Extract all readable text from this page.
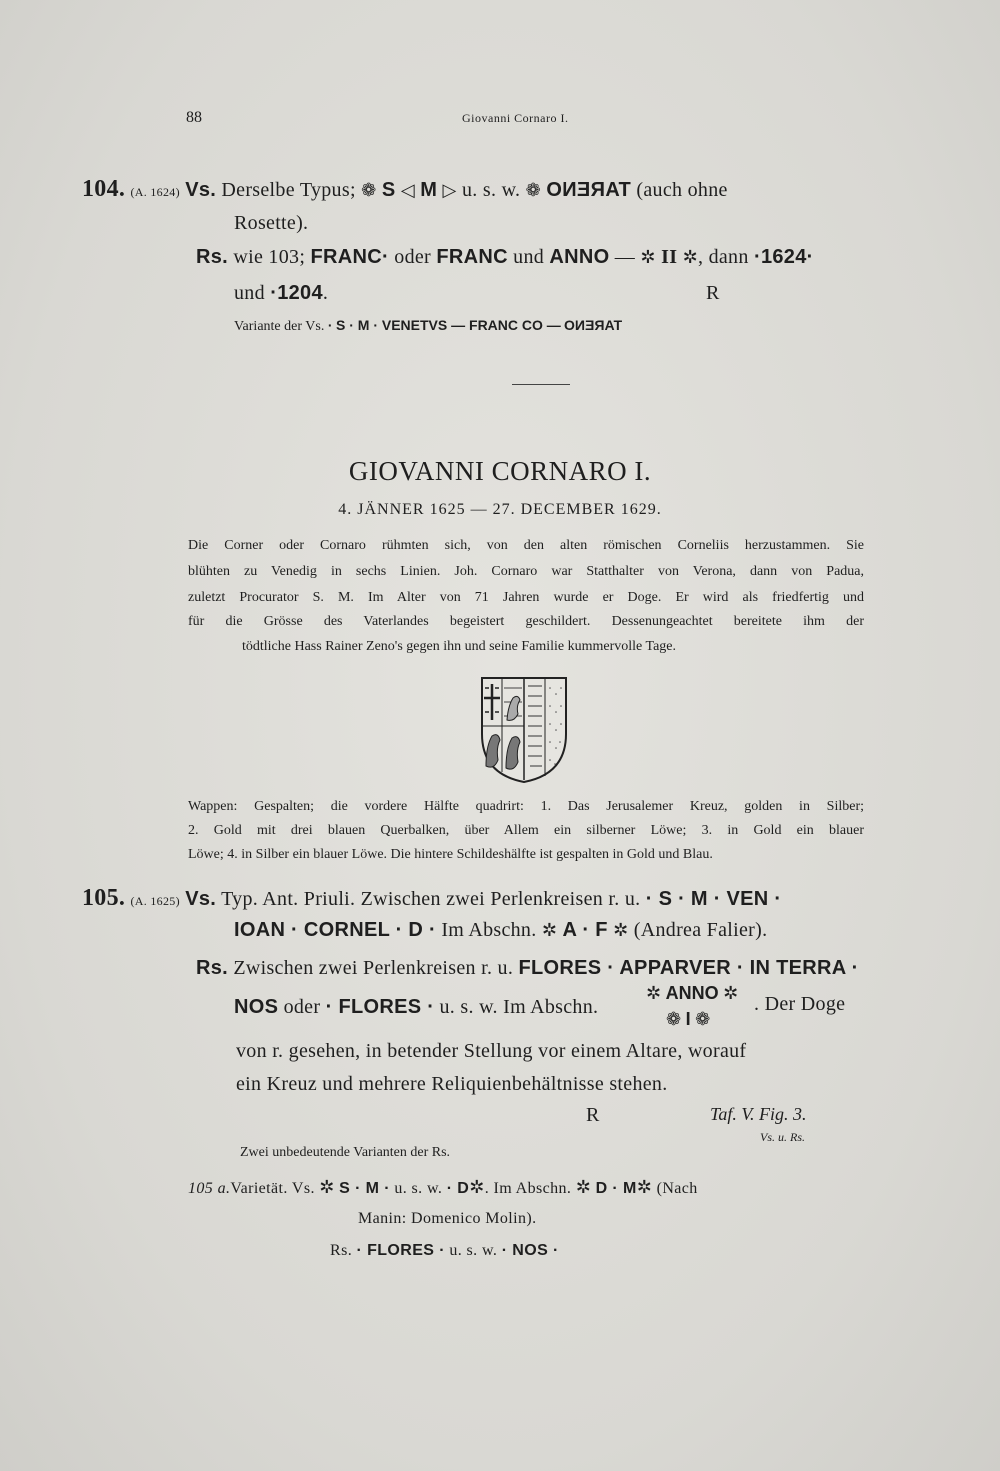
88	Giovanni Cornaro I.
104. (A. 1624) Vs. Derselbe Typus; ❁ S ◁ M ▷ u. s. w. ❁ TARENO (auch ohne
Rosette).
Rs. wie 103; FRANC· oder FRANC und ANNO — ✲ II ✲, dann ·1624·
und ·1204.	R
Variante der Vs. · S · M · VENETVS — FRANC CO — TARENO
GIOVANNI CORNARO I.
4. JÄNNER 1625 — 27. DECEMBER 1629.
Die Corner oder Cornaro rühmten sich, von den alten römischen Corneliis herzustammen. Sie
blühten zu Venedig in sechs Linien. Joh. Cornaro war Statthalter von Verona, dann von Padua,
zuletzt Procurator S. M. Im Alter von 71 Jahren wurde er Doge. Er wird als friedfertig und
für die Grösse des Vaterlandes begeistert geschildert. Dessenungeachtet bereitete ihm der
tödtliche Hass Rainer Zeno's gegen ihn und seine Familie kummervolle Tage.
Wappen: Gespalten; die vordere Hälfte quadrirt: 1. Das Jerusalemer Kreuz, golden in Silber;
2. Gold mit drei blauen Querbalken, über Allem ein silberner Löwe; 3. in Gold ein blauer
Löwe; 4. in Silber ein blauer Löwe. Die hintere Schildeshälfte ist gespalten in Gold und Blau.
105. (A. 1625) Vs. Typ. Ant. Priuli. Zwischen zwei Perlenkreisen r. u. · S · M · VEN ·
IOAN · CORNEL · D · Im Abschn. ✲ A · F ✲ (Andrea Falier).
Rs. Zwischen zwei Perlenkreisen r. u. FLORES · APPARVER · IN TERRA ·
NOS oder · FLORES · u. s. w. Im Abschn.
✲ ANNO ✲
❁ I ❁
. Der Doge
von r. gesehen, in betender Stellung vor einem Altare, worauf
ein Kreuz und mehrere Reliquienbehältnisse stehen.
R	Taf. V. Fig. 3.
Vs. u. Rs.
Zwei unbedeutende Varianten der Rs.
105 a.Varietät. Vs. ✲ S · M · u. s. w. · D✲. Im Abschn. ✲ D · M✲ (Nach
Manin: Domenico Molin).
Rs. · FLORES · u. s. w. · NOS ·
